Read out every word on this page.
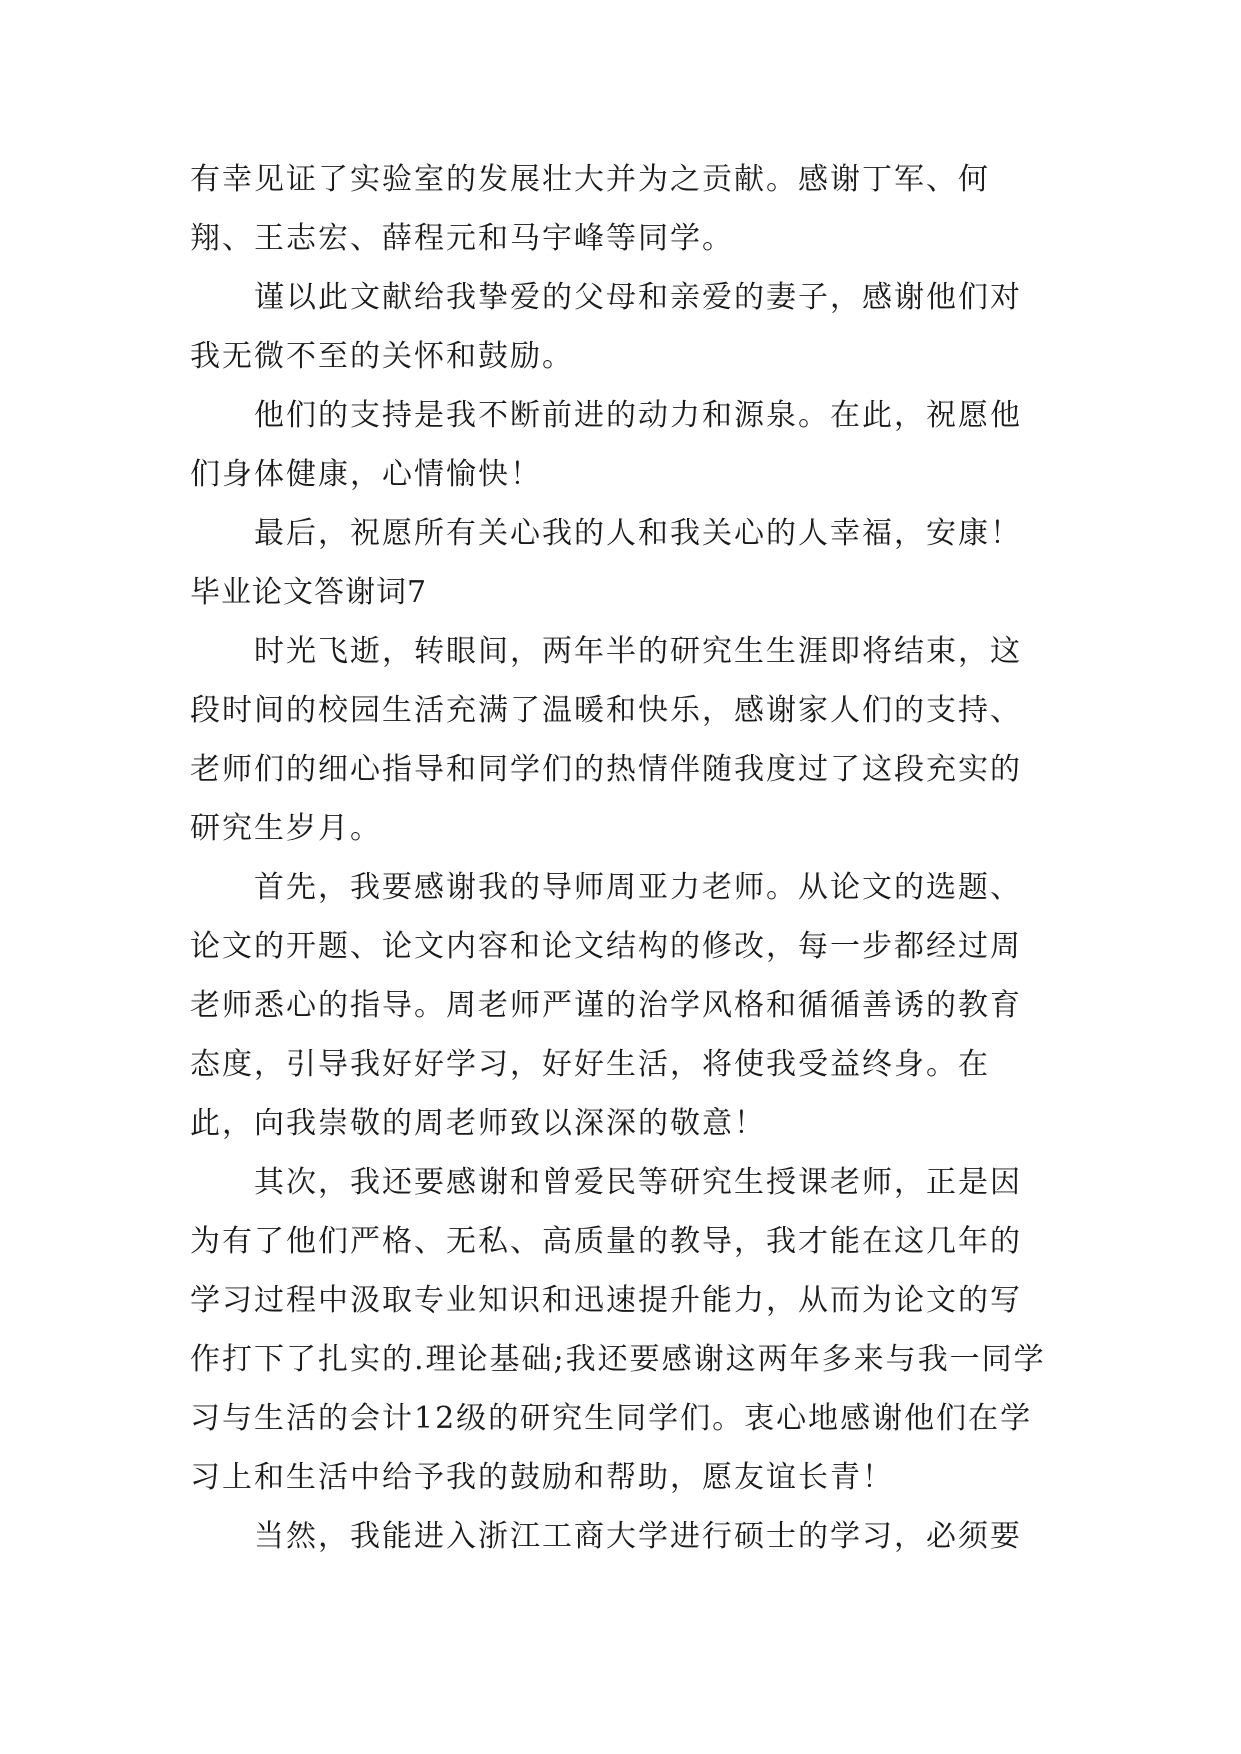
有幸见证了实验室的发展壮大并为之贡献。感谢丁军、何翔、王志宏、薛程元和马宇峰等同学。

谨以此文献给我挚爱的父母和亲爱的妻子，感谢他们对我无微不至的关怀和鼓励。

他们的支持是我不断前进的动力和源泉。在此，祝愿他们身体健康，心情愉快！

最后，祝愿所有关心我的人和我关心的人幸福，安康！

毕业论文答谢词7

时光飞逝，转眼间，两年半的研究生生涯即将结束，这段时间的校园生活充满了温暖和快乐，感谢家人们的支持、老师们的细心指导和同学们的热情伴随我度过了这段充实的研究生岁月。

首先，我要感谢我的导师周亚力老师。从论文的选题、论文的开题、论文内容和论文结构的修改，每一步都经过周老师悉心的指导。周老师严谨的治学风格和循循善诱的教育态度，引导我好好学习，好好生活，将使我受益终身。在此，向我崇敬的周老师致以深深的敬意！

其次，我还要感谢和曾爱民等研究生授课老师，正是因为有了他们严格、无私、高质量的教导，我才能在这几年的学习过程中汲取专业知识和迅速提升能力，从而为论文的写作打下了扎实的.理论基础;我还要感谢这两年多来与我一同学习与生活的会计12级的研究生同学们。衷心地感谢他们在学习上和生活中给予我的鼓励和帮助，愿友谊长青！

当然，我能进入浙江工商大学进行硕士的学习，必须要
